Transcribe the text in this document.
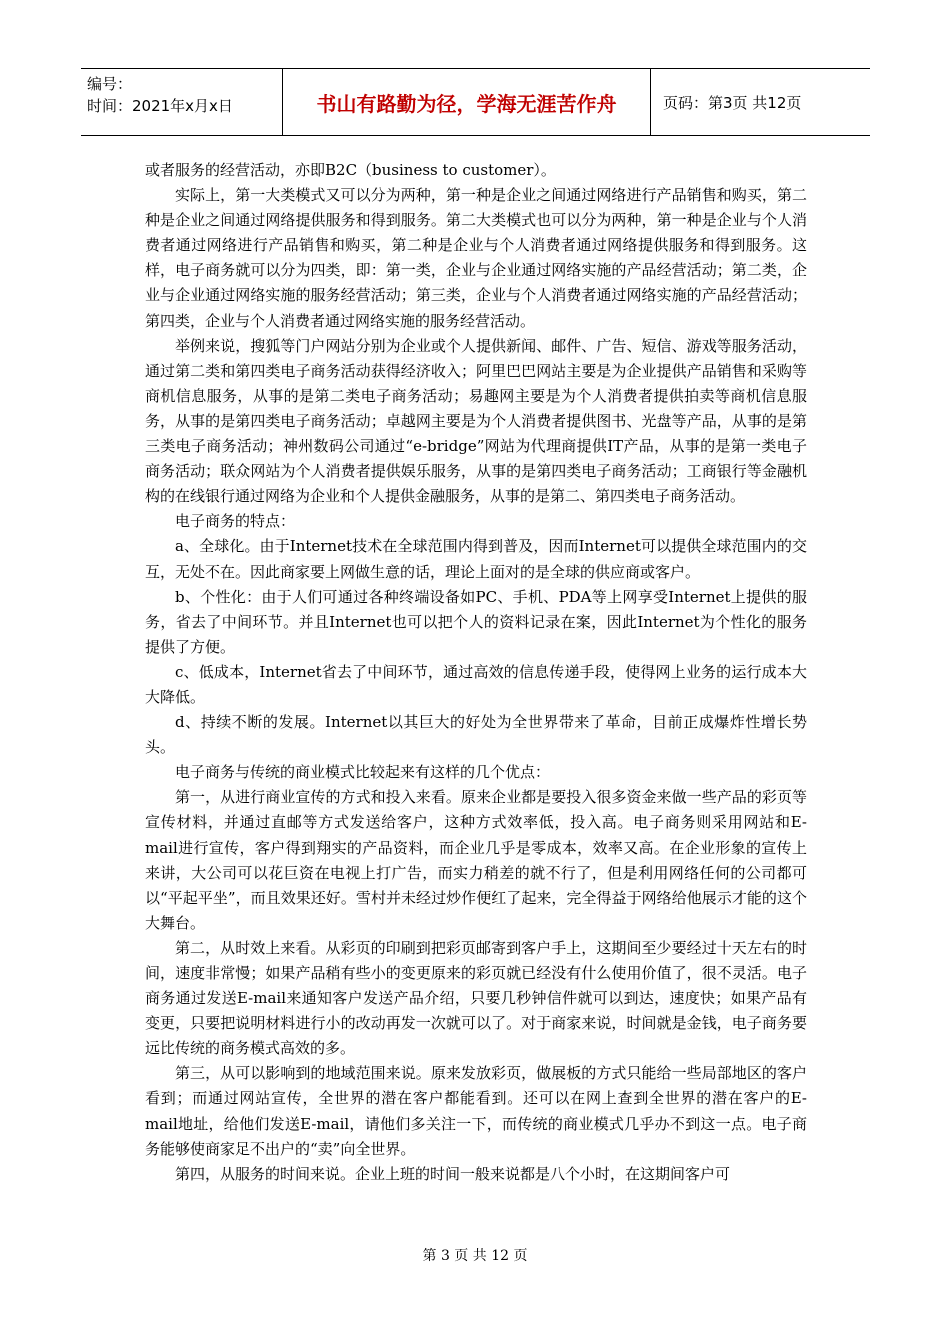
编号：
时间：2021年x月x日	书山有路勤为径，学海无涯苦作舟	页码：第3页 共12页

或者服务的经营活动，亦即B2C（business to customer）。

实际上，第一大类模式又可以分为两种，第一种是企业之间通过网络进行产品销售和购买，第二种是企业之间通过网络提供服务和得到服务。第二大类模式也可以分为两种，第一种是企业与个人消费者通过网络进行产品销售和购买，第二种是企业与个人消费者通过网络提供服务和得到服务。这样，电子商务就可以分为四类，即：第一类，企业与企业通过网络实施的产品经营活动；第二类，企业与企业通过网络实施的服务经营活动；第三类，企业与个人消费者通过网络实施的产品经营活动；第四类，企业与个人消费者通过网络实施的服务经营活动。

举例来说，搜狐等门户网站分别为企业或个人提供新闻、邮件、广告、短信、游戏等服务活动，通过第二类和第四类电子商务活动获得经济收入；阿里巴巴网站主要是为企业提供产品销售和采购等商机信息服务，从事的是第二类电子商务活动；易趣网主要是为个人消费者提供拍卖等商机信息服务，从事的是第四类电子商务活动；卓越网主要是为个人消费者提供图书、光盘等产品，从事的是第三类电子商务活动；神州数码公司通过“e-bridge”网站为代理商提供IT产品，从事的是第一类电子商务活动；联众网站为个人消费者提供娱乐服务，从事的是第四类电子商务活动；工商银行等金融机构的在线银行通过网络为企业和个人提供金融服务，从事的是第二、第四类电子商务活动。

电子商务的特点：

a、全球化。由于Internet技术在全球范围内得到普及，因而Internet可以提供全球范围内的交互，无处不在。因此商家要上网做生意的话，理论上面对的是全球的供应商或客户。

b、个性化：由于人们可通过各种终端设备如PC、手机、PDA等上网享受Internet上提供的服务，省去了中间环节。并且Internet也可以把个人的资料记录在案，因此Internet为个性化的服务提供了方便。

c、低成本，Internet省去了中间环节，通过高效的信息传递手段，使得网上业务的运行成本大大降低。

d、持续不断的发展。Internet以其巨大的好处为全世界带来了革命，目前正成爆炸性增长势头。

电子商务与传统的商业模式比较起来有这样的几个优点：

第一，从进行商业宣传的方式和投入来看。原来企业都是要投入很多资金来做一些产品的彩页等宣传材料，并通过直邮等方式发送给客户，这种方式效率低，投入高。电子商务则采用网站和E-mail进行宣传，客户得到翔实的产品资料，而企业几乎是零成本，效率又高。在企业形象的宣传上来讲，大公司可以花巨资在电视上打广告，而实力稍差的就不行了，但是利用网络任何的公司都可以“平起平坐”，而且效果还好。雪村并未经过炒作便红了起来，完全得益于网络给他展示才能的这个大舞台。

第二，从时效上来看。从彩页的印刷到把彩页邮寄到客户手上，这期间至少要经过十天左右的时间，速度非常慢；如果产品稍有些小的变更原来的彩页就已经没有什么使用价值了，很不灵活。电子商务通过发送E-mail来通知客户发送产品介绍，只要几秒钟信件就可以到达，速度快；如果产品有变更，只要把说明材料进行小的改动再发一次就可以了。对于商家来说，时间就是金钱，电子商务要远比传统的商务模式高效的多。

第三，从可以影响到的地域范围来说。原来发放彩页，做展板的方式只能给一些局部地区的客户看到；而通过网站宣传，全世界的潜在客户都能看到。还可以在网上查到全世界的潜在客户的E-mail地址，给他们发送E-mail，请他们多关注一下，而传统的商业模式几乎办不到这一点。电子商务能够使商家足不出户的“卖”向全世界。

第四，从服务的时间来说。企业上班的时间一般来说都是八个小时，在这期间客户可

第 3 页 共 12 页
